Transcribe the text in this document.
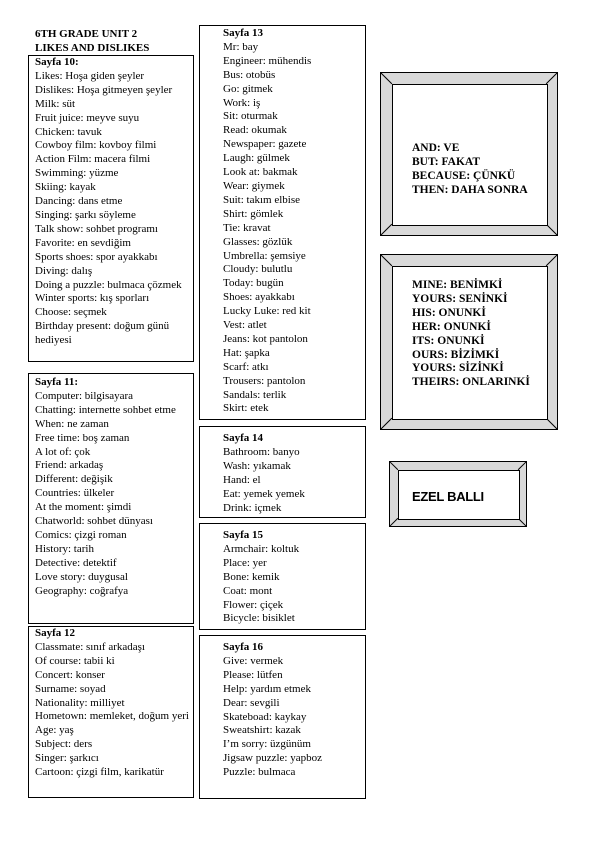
6TH GRADE UNIT 2
LIKES AND DISLIKES
Sayfa 10:
Likes: Hoşa giden şeyler
Dislikes: Hoşa gitmeyen şeyler
Milk: süt
Fruit juice: meyve suyu
Chicken: tavuk
Cowboy film: kovboy filmi
Action Film: macera filmi
Swimming: yüzme
Skiing: kayak
Dancing: dans etme
Singing: şarkı söyleme
Talk show: sohbet programı
Favorite: en sevdiğim
Sports shoes: spor ayakkabı
Diving: dalış
Doing a puzzle: bulmaca çözmek
Winter sports: kış sporları
Choose: seçmek
Birthday present: doğum günü hediyesi
Sayfa 11:
Computer: bilgisayara
Chatting: internette sohbet etme
When: ne zaman
Free time: boş zaman
A lot of: çok
Friend: arkadaş
Different: değişik
Countries: ülkeler
At the moment: şimdi
Chatworld: sohbet dünyası
Comics: çizgi roman
History: tarih
Detective: detektif
Love story: duygusal
Geography: coğrafya
Sayfa 12
Classmate: sınıf arkadaşı
Of course: tabii ki
Concert: konser
Surname: soyad
Nationality: milliyet
Hometown: memleket, doğum yeri
Age: yaş
Subject: ders
Singer: şarkıcı
Cartoon: çizgi film, karikatür
Sayfa 13
Mr: bay
Engineer: mühendis
Bus: otobüs
Go: gitmek
Work: iş
Sit: oturmak
Read: okumak
Newspaper: gazete
Laugh: gülmek
Look at: bakmak
Wear: giymek
Suit: takım elbise
Shirt: gömlek
Tie: kravat
Glasses: gözlük
Umbrella: şemsiye
Cloudy: bulutlu
Today: bugün
Shoes: ayakkabı
Lucky Luke: red kit
Vest: atlet
Jeans: kot pantolon
Hat: şapka
Scarf: atkı
Trousers: pantolon
Sandals: terlik
Skirt: etek
Sayfa 14
Bathroom: banyo
Wash: yıkamak
Hand: el
Eat: yemek yemek
Drink: içmek
Sayfa 15
Armchair: koltuk
Place: yer
Bone: kemik
Coat: mont
Flower: çiçek
Bicycle: bisiklet
Sayfa 16
Give: vermek
Please: lütfen
Help: yardım etmek
Dear: sevgili
Skateboad: kaykay
Sweatshirt: kazak
I’m sorry: üzgünüm
Jigsaw puzzle: yapboz
Puzzle: bulmaca
AND: VE
BUT: FAKAT
BECAUSE: ÇÜNKÜ
THEN: DAHA SONRA
MINE: BENİMKİ
YOURS: SENİNKİ
HIS: ONUNKİ
HER: ONUNKİ
ITS: ONUNKİ
OURS: BİZİMKİ
YOURS: SİZİNKİ
THEIRS: ONLARINKİ
EZEL BALLI
